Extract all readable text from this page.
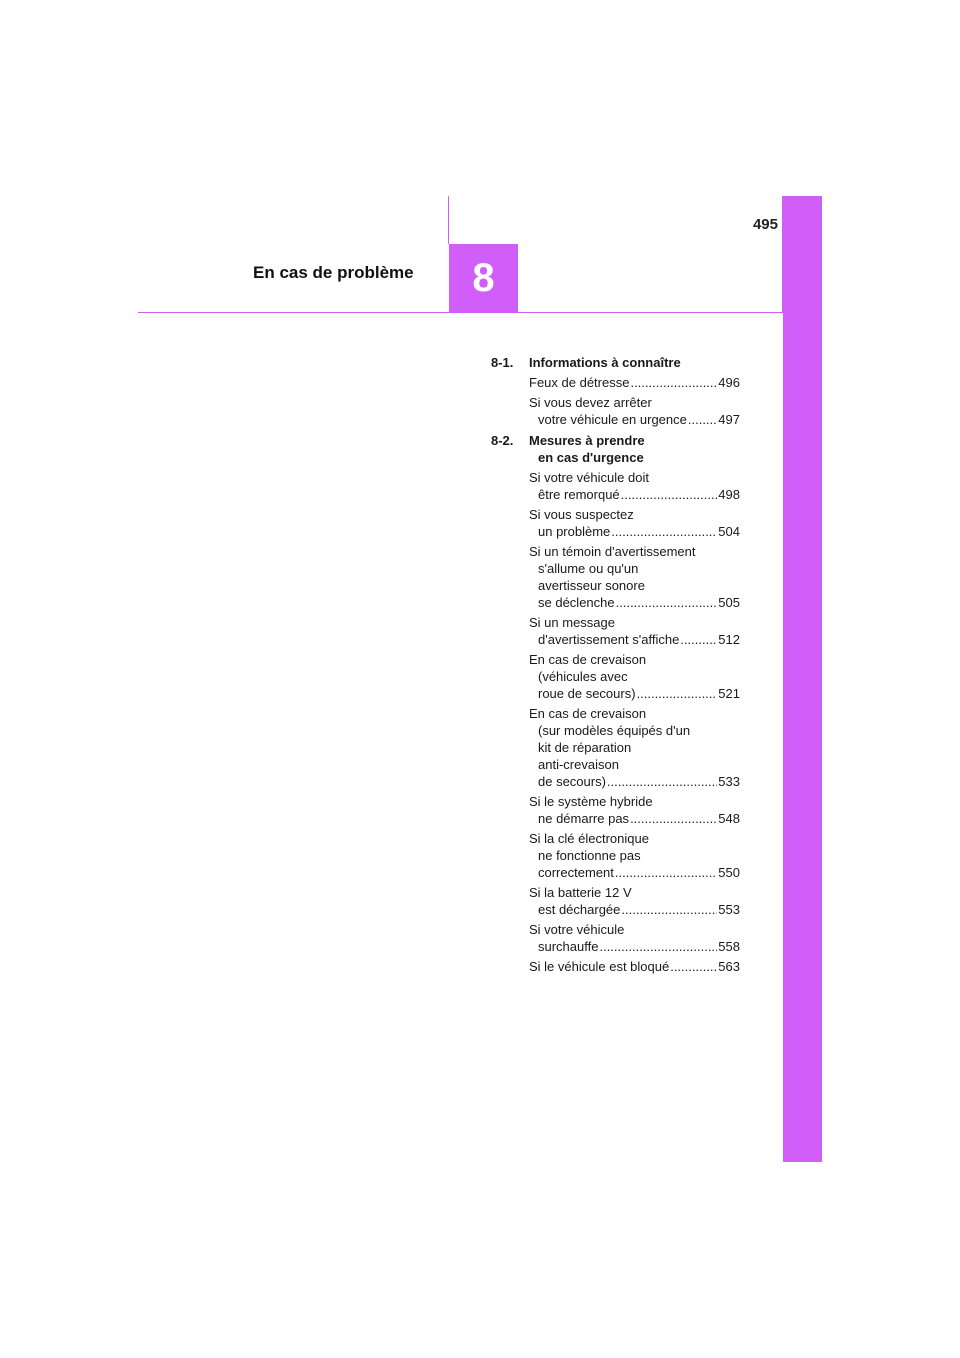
495
En cas de problème	8
8-1.	Informations à connaître
Feux de détresse .....	496
Si vous devez arrêter
votre véhicule en urgence ..... 497
8-2.	Mesures à prendre

en cas d'urgence
Si votre véhicule doit
être remorqué .....	498
Si vous suspectez
un problème .....	504
Si un témoin d'avertissement
s'allume ou qu'un
avertisseur sonore
se déclenche .....	505
Si un message
d'avertissement s'affiche .....	512
En cas de crevaison
(véhicules avec
roue de secours) .....	521
En cas de crevaison
(sur modèles équipés d'un
kit de réparation
anti-crevaison
de secours) .....	533
Si le système hybride
ne démarre pas .....	548
Si la clé électronique
ne fonctionne pas
correctement .....	550
Si la batterie 12 V
est déchargée .....	553
Si votre véhicule
surchauffe .....	558
Si le véhicule est bloqué .....	563
